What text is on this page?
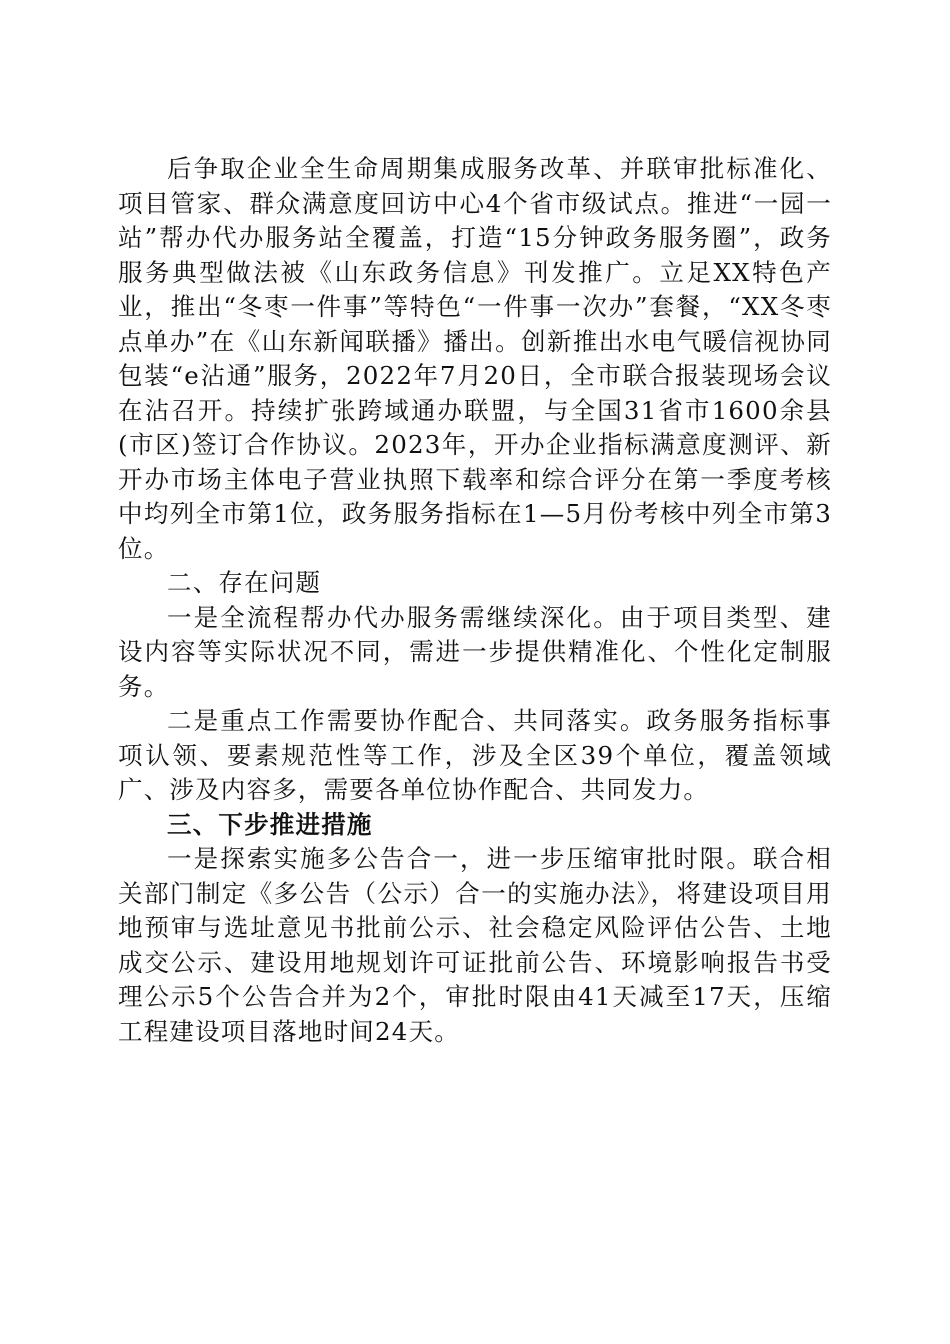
后争取企业全生命周期集成服务改革、并联审批标准化、项目管家、群众满意度回访中心4个省市级试点。推进“一园一站”帮办代办服务站全覆盖，打造“15分钟政务服务圈”，政务服务典型做法被《山东政务信息》刊发推广。立足XX特色产业，推出“冬枣一件事”等特色“一件事一次办”套餐，“XX冬枣点单办”在《山东新闻联播》播出。创新推出水电气暖信视协同包装“e沾通”服务，2022年7月20日，全市联合报装现场会议在沾召开。持续扩张跨域通办联盟，与全国31省市1600余县(市区)签订合作协议。2023年，开办企业指标满意度测评、新开办市场主体电子营业执照下载率和综合评分在第一季度考核中均列全市第1位，政务服务指标在1—5月份考核中列全市第3位。

二、存在问题

一是全流程帮办代办服务需继续深化。由于项目类型、建设内容等实际状况不同，需进一步提供精准化、个性化定制服务。

二是重点工作需要协作配合、共同落实。政务服务指标事项认领、要素规范性等工作，涉及全区39个单位，覆盖领域广、涉及内容多，需要各单位协作配合、共同发力。

三、下步推进措施

一是探索实施多公告合一，进一步压缩审批时限。联合相关部门制定《多公告（公示）合一的实施办法》，将建设项目用地预审与选址意见书批前公示、社会稳定风险评估公告、土地成交公示、建设用地规划许可证批前公告、环境影响报告书受理公示5个公告合并为2个，审批时限由41天减至17天，压缩工程建设项目落地时间24天。
